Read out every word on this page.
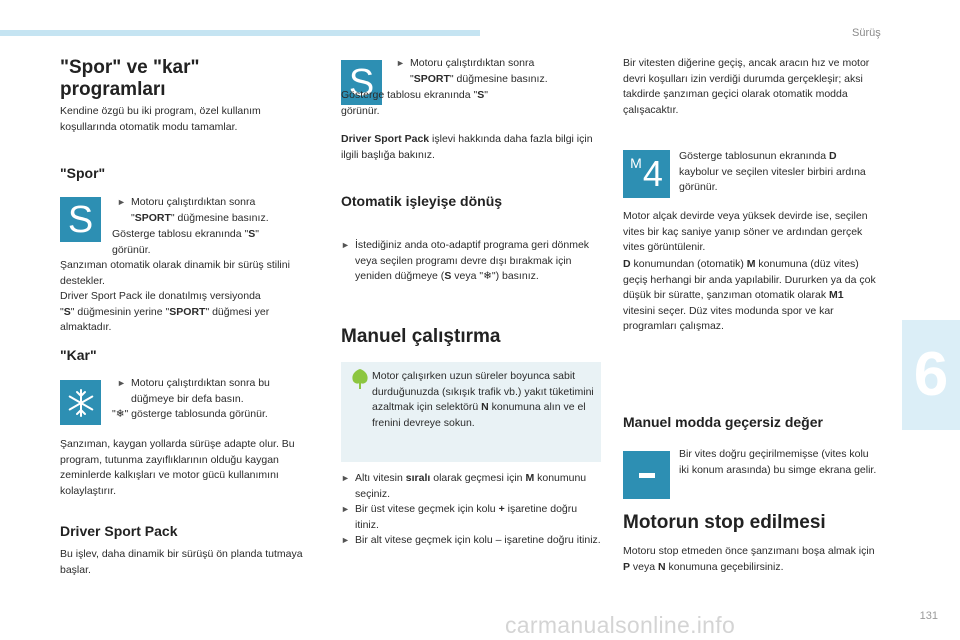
Sürüş
6
131
carmanualsonline.info

"Spor" ve "kar"

programları

Kendine özgü bu iki program, özel kullanım koşullarında otomatik modu tamamlar.

"Spor"

S	► Motoru çalıştırdıktan sonra
"SPORT" düğmesine basınız.
Gösterge tablosu ekranında "S"
görünür.

Şanzıman otomatik olarak dinamik bir sürüş stilini destekler.

Driver Sport Pack ile donatılmış versiyonda

"S" düğmesinin yerine "SPORT" düğmesi yer

almaktadır.

"Kar"

► Motoru çalıştırdıktan sonra bu
düğmeye bir defa basın.
"❄" gösterge tablosunda görünür.

Şanzıman, kaygan yollarda sürüşe adapte olur. Bu program, tutunma zayıflıklarının olduğu kaygan zeminlerde kalkışları ve motor gücü kullanımını kolaylaştırır.

Driver Sport Pack

Bu işlev, daha dinamik bir sürüşü ön planda tutmaya başlar.

S ► Motoru çalıştırdıktan sonra
"SPORT" düğmesine basınız.
Gösterge tablosu ekranında "S"
görünür.

Driver Sport Pack işlevi hakkında daha fazla bilgi için ilgili başlığa bakınız.

Otomatik işleyişe dönüş

► İstediğiniz anda oto-adaptif programa geri dönmek veya seçilen programı devre dışı bırakmak için yeniden düğmeye (S veya "❄") basınız.

Manuel çalıştırma

Motor çalışırken uzun süreler boyunca sabit durduğunuzda (sıkışık trafik vb.) yakıt tüketimini azaltmak için selektörü N konumuna alın ve el frenini devreye sokun.

► Altı vitesin sıralı olarak geçmesi için M konumunu seçiniz.
► Bir üst vitese geçmek için kolu + işaretine doğru itiniz.
► Bir alt vitese geçmek için kolu – işaretine doğru itiniz.

Bir vitesten diğerine geçiş, ancak aracın hız ve motor devri koşulları izin verdiği durumda gerçekleşir; aksi takdirde şanzıman geçici olarak otomatik modda çalışacaktır.

M 4 Gösterge tablosunun ekranında D kaybolur ve seçilen vitesler birbiri ardına görünür.

Motor alçak devirde veya yüksek devirde ise, seçilen vites bir kaç saniye yanıp söner ve ardından gerçek vites görüntülenir.

D konumundan (otomatik) M konumuna (düz vites) geçiş herhangi bir anda yapılabilir. Dururken ya da çok düşük bir süratte, şanzıman otomatik olarak M1 vitesini seçer. Düz vites modunda spor ve kar programları çalışmaz.

Manuel modda geçersiz değer

Bir vites doğru geçirilmemişse (vites kolu iki konum arasında) bu simge ekrana gelir.

Motorun stop edilmesi

Motoru stop etmeden önce şanzımanı boşa almak için P veya N konumuna geçebilirsiniz.
